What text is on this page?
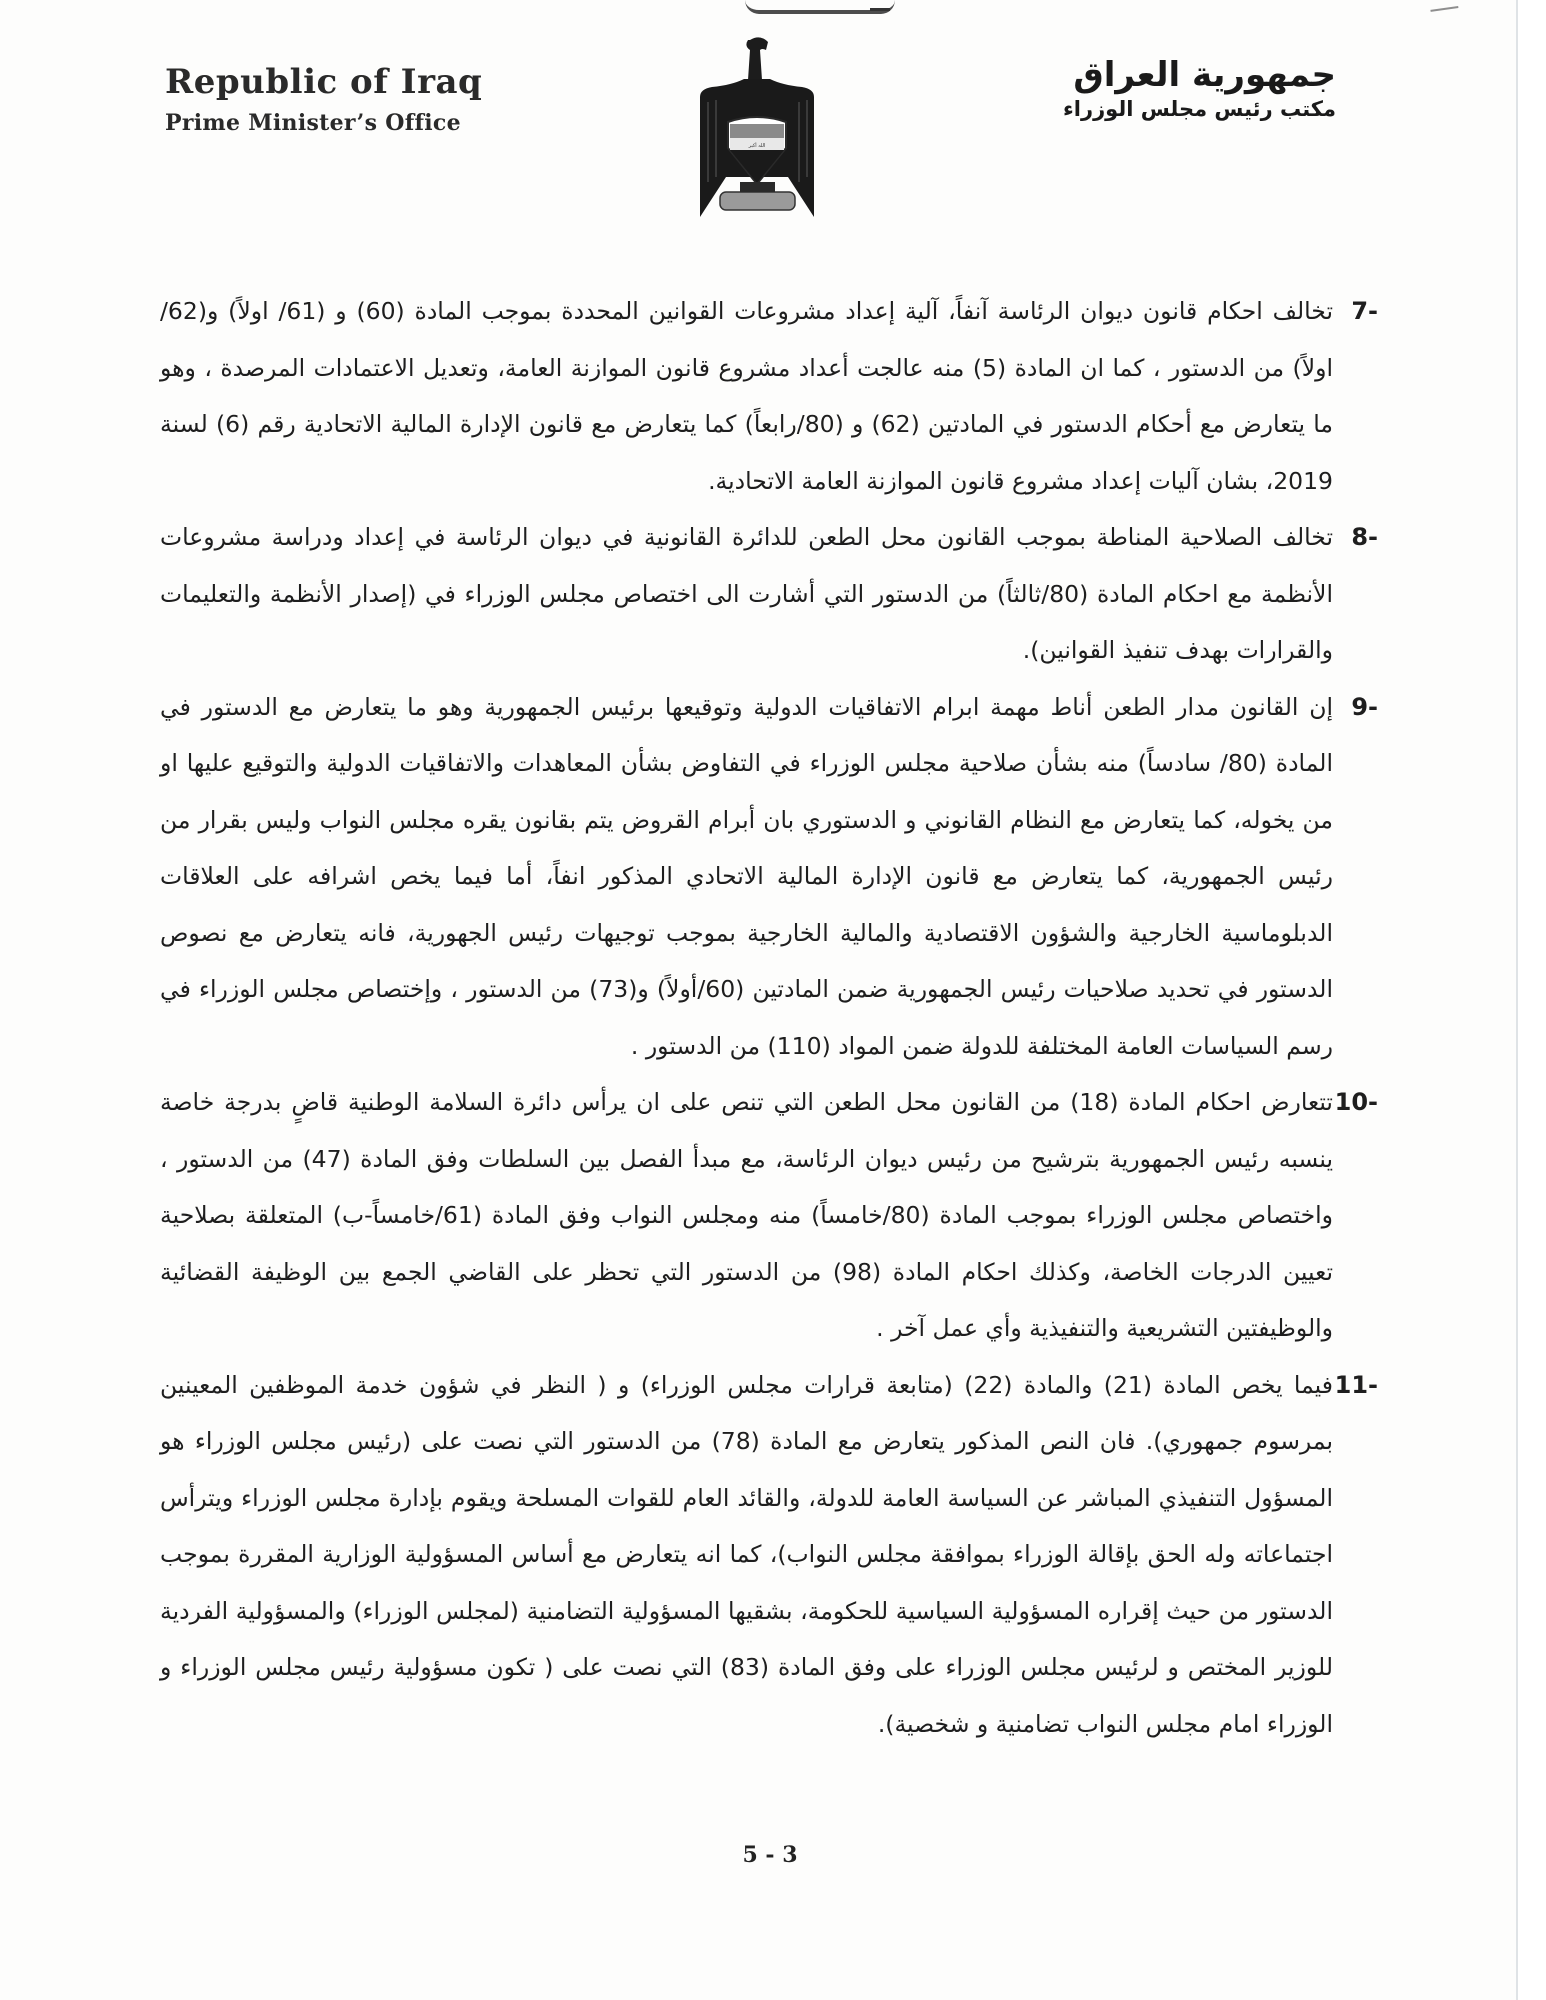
Republic of Iraq
Prime Minister’s Office
الله أكبر
جمهورية العراق
مكتب رئيس مجلس الوزراء

7-
تخالف احكام قانون ديوان الرئاسة آنفاً، آلية إعداد مشروعات القوانين المحددة بموجب المادة (60) و (61/ اولاً) و(62/اولاً) من الدستور ، كما ان المادة (5) منه عالجت أعداد مشروع قانون الموازنة العامة، وتعديل الاعتمادات المرصدة ، وهو ما يتعارض مع أحكام الدستور في المادتين (62) و (80/رابعاً) كما يتعارض مع قانون الإدارة المالية الاتحادية رقم (6) لسنة 2019، بشان آليات إعداد مشروع قانون الموازنة العامة الاتحادية.

8-
تخالف الصلاحية المناطة بموجب القانون محل الطعن للدائرة القانونية في ديوان الرئاسة في إعداد ودراسة مشروعات الأنظمة مع احكام المادة (80/ثالثاً) من الدستور التي أشارت الى اختصاص مجلس الوزراء في (إصدار الأنظمة والتعليمات والقرارات بهدف تنفيذ القوانين).

9-
إن القانون مدار الطعن أناط مهمة ابرام الاتفاقيات الدولية وتوقيعها برئيس الجمهورية وهو ما يتعارض مع الدستور في المادة (80/ سادساً) منه بشأن صلاحية مجلس الوزراء في التفاوض بشأن المعاهدات والاتفاقيات الدولية والتوقيع عليها او من يخوله، كما يتعارض مع النظام القانوني و الدستوري بان أبرام القروض يتم بقانون يقره مجلس النواب وليس بقرار من رئيس الجمهورية، كما يتعارض مع قانون الإدارة المالية الاتحادي المذكور انفاً، أما فيما يخص اشرافه على العلاقات الدبلوماسية الخارجية والشؤون الاقتصادية والمالية الخارجية بموجب توجيهات رئيس الجهورية، فانه يتعارض مع نصوص الدستور في تحديد صلاحيات رئيس الجمهورية ضمن المادتين (60/أولاً) و(73) من الدستور ، وإختصاص مجلس الوزراء في رسم السياسات العامة المختلفة للدولة ضمن المواد (110) من الدستور .

10-
تتعارض احكام المادة (18) من القانون محل الطعن التي تنص على ان يرأس دائرة السلامة الوطنية قاضٍ بدرجة خاصة ينسبه رئيس الجمهورية بترشيح من رئيس ديوان الرئاسة، مع مبدأ الفصل بين السلطات وفق المادة (47) من الدستور ، واختصاص مجلس الوزراء بموجب المادة (80/خامساً) منه ومجلس النواب وفق المادة (61/خامساً-ب) المتعلقة بصلاحية تعيين الدرجات الخاصة، وكذلك احكام المادة (98) من الدستور التي تحظر على القاضي الجمع بين الوظيفة القضائية والوظيفتين التشريعية والتنفيذية وأي عمل آخر .

11-
فيما يخص المادة (21) والمادة (22) (متابعة قرارات مجلس الوزراء) و ( النظر في شؤون خدمة الموظفين المعينين بمرسوم جمهوري). فان النص المذكور يتعارض مع المادة (78) من الدستور التي نصت على (رئيس مجلس الوزراء هو المسؤول التنفيذي المباشر عن السياسة العامة للدولة، والقائد العام للقوات المسلحة ويقوم بإدارة مجلس الوزراء ويترأس اجتماعاته وله الحق بإقالة الوزراء بموافقة مجلس النواب)، كما انه يتعارض مع أساس المسؤولية الوزارية المقررة بموجب الدستور من حيث إقراره المسؤولية السياسية للحكومة، بشقيها المسؤولية التضامنية (لمجلس الوزراء) والمسؤولية الفردية للوزير المختص و لرئيس مجلس الوزراء على وفق المادة (83) التي نصت على ( تكون مسؤولية رئيس مجلس الوزراء و الوزراء امام مجلس النواب تضامنية و شخصية).

5 - 3
